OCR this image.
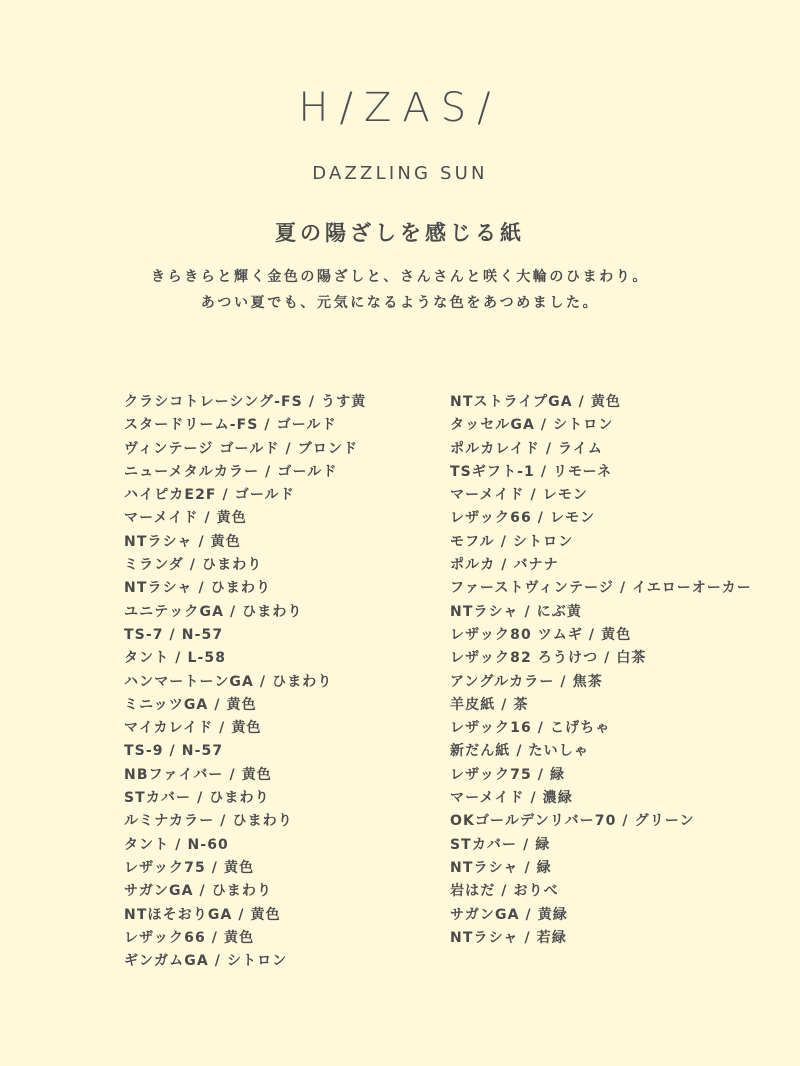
H/ZAS/
DAZZLING SUN
夏の陽ざしを感じる紙
きらきらと輝く金色の陽ざしと、さんさんと咲く大輪のひまわり。
あつい夏でも、元気になるような色をあつめました。
クラシコトレーシング-FS / うす黄
スタードリーム-FS / ゴールド
ヴィンテージ ゴールド / ブロンド
ニューメタルカラー / ゴールド
ハイピカE2F / ゴールド
マーメイド / 黄色
NTラシャ / 黄色
ミランダ / ひまわり
NTラシャ / ひまわり
ユニテックGA / ひまわり
TS-7 / N-57
タント / L-58
ハンマートーンGA / ひまわり
ミニッツGA / 黄色
マイカレイド / 黄色
TS-9 / N-57
NBファイバー / 黄色
STカバー / ひまわり
ルミナカラー / ひまわり
タント / N-60
レザック75 / 黄色
サガンGA / ひまわり
NTほそおりGA / 黄色
レザック66 / 黄色
ギンガムGA / シトロン
NTストライプGA / 黄色
タッセルGA / シトロン
ポルカレイド / ライム
TSギフト-1 / リモーネ
マーメイド / レモン
レザック66 / レモン
モフル / シトロン
ポルカ / バナナ
ファーストヴィンテージ / イエローオーカー
NTラシャ / にぶ黄
レザック80 ツムギ / 黄色
レザック82 ろうけつ / 白茶
アングルカラー / 焦茶
羊皮紙 / 茶
レザック16 / こげちゃ
新だん紙 / たいしゃ
レザック75 / 緑
マーメイド / 濃緑
OKゴールデンリバー70 / グリーン
STカバー / 緑
NTラシャ / 緑
岩はだ / おりべ
サガンGA / 黄緑
NTラシャ / 若緑
